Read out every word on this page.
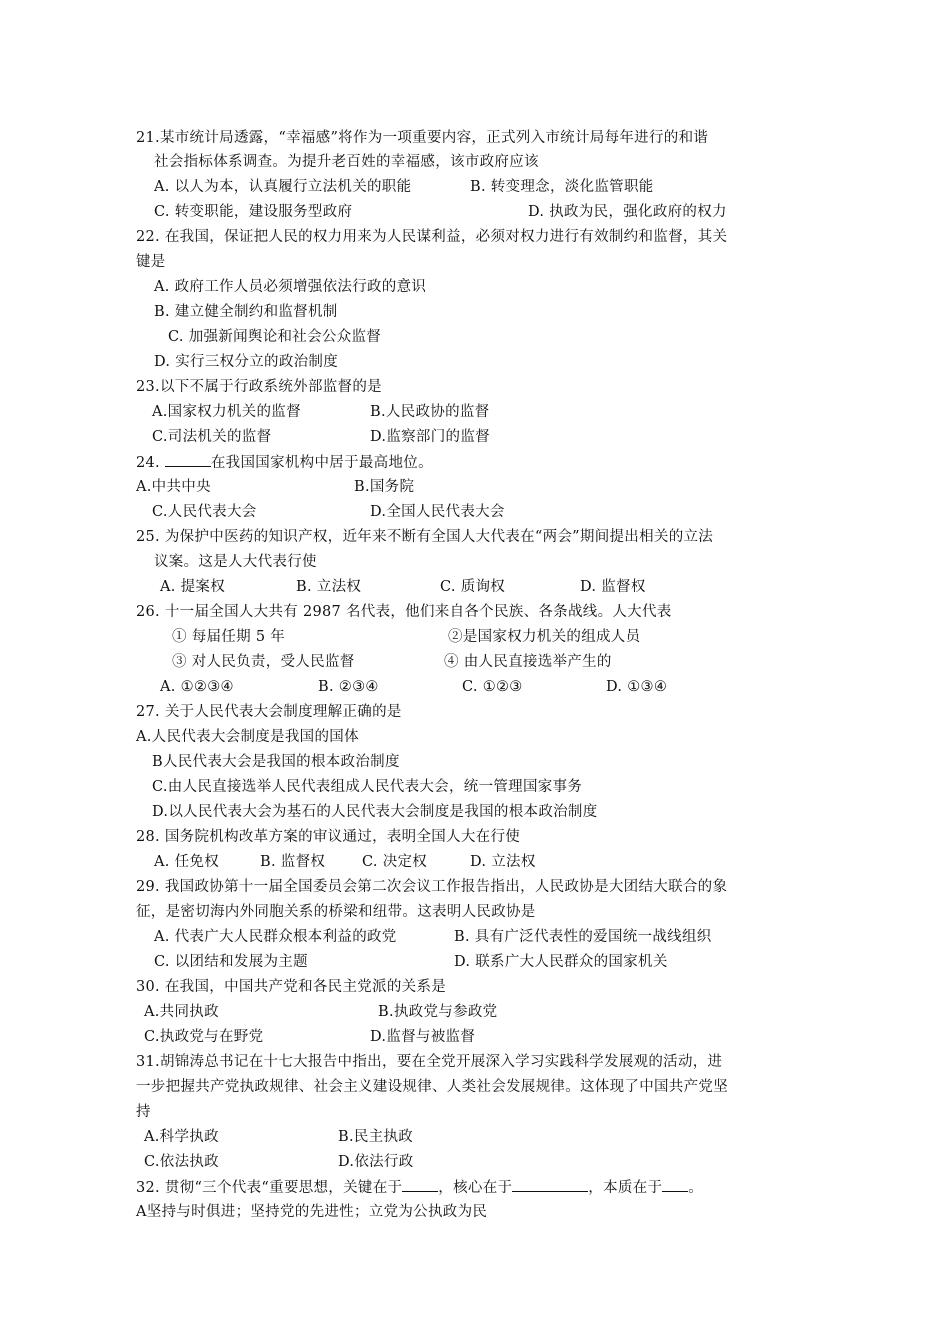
21.某市统计局透露，“幸福感”将作为一项重要内容，正式列入市统计局每年进行的和谐
社会指标体系调查。为提升老百姓的幸福感，该市政府应该
A. 以人为本，认真履行立法机关的职能	B. 转变理念，淡化监管职能
C. 转变职能，建设服务型政府	D. 执政为民，强化政府的权力
22. 在我国，保证把人民的权力用来为人民谋利益，必须对权力进行有效制约和监督，其关
键是
A. 政府工作人员必须增强依法行政的意识
B. 建立健全制约和监督机制
C. 加强新闻舆论和社会公众监督
D. 实行三权分立的政治制度
23.以下不属于行政系统外部监督的是
A.国家权力机关的监督	B.人民政协的监督
C.司法机关的监督	D.监察部门的监督
24.	在我国国家机构中居于最高地位。
A.中共中央	B.国务院
C.人民代表大会	D.全国人民代表大会
25. 为保护中医药的知识产权，近年来不断有全国人大代表在“两会”期间提出相关的立法
议案。这是人大代表行使
A. 提案权	B. 立法权	C. 质询权	D. 监督权
26. 十一届全国人大共有 2987 名代表，他们来自各个民族、各条战线。人大代表
① 每届任期 5 年	②是国家权力机关的组成人员
③ 对人民负责，受人民监督	④ 由人民直接选举产生的
A. ①②③④	B. ②③④	C. ①②③	D. ①③④
27. 关于人民代表大会制度理解正确的是
A.人民代表大会制度是我国的国体
B人民代表大会是我国的根本政治制度
C.由人民直接选举人民代表组成人民代表大会，统一管理国家事务
D.以人民代表大会为基石的人民代表大会制度是我国的根本政治制度
28. 国务院机构改革方案的审议通过，表明全国人大在行使
A. 任免权	B. 监督权	C. 决定权	D. 立法权
29. 我国政协第十一届全国委员会第二次会议工作报告指出，人民政协是大团结大联合的象
征，是密切海内外同胞关系的桥梁和纽带。这表明人民政协是
A. 代表广大人民群众根本利益的政党	B. 具有广泛代表性的爱国统一战线组织
C. 以团结和发展为主题	D. 联系广大人民群众的国家机关
30. 在我国，中国共产党和各民主党派的关系是
A.共同执政	B.执政党与参政党
C.执政党与在野党	D.监督与被监督
31.胡锦涛总书记在十七大报告中指出，要在全党开展深入学习实践科学发展观的活动，进
一步把握共产党执政规律、社会主义建设规律、人类社会发展规律。这体现了中国共产党坚
持
A.科学执政	B.民主执政
C.依法执政	D.依法行政
32. 贯彻“三个代表“重要思想，关键在于 ，核心在于	，本质在于 。
A坚持与时俱进；坚持党的先进性；立党为公执政为民
